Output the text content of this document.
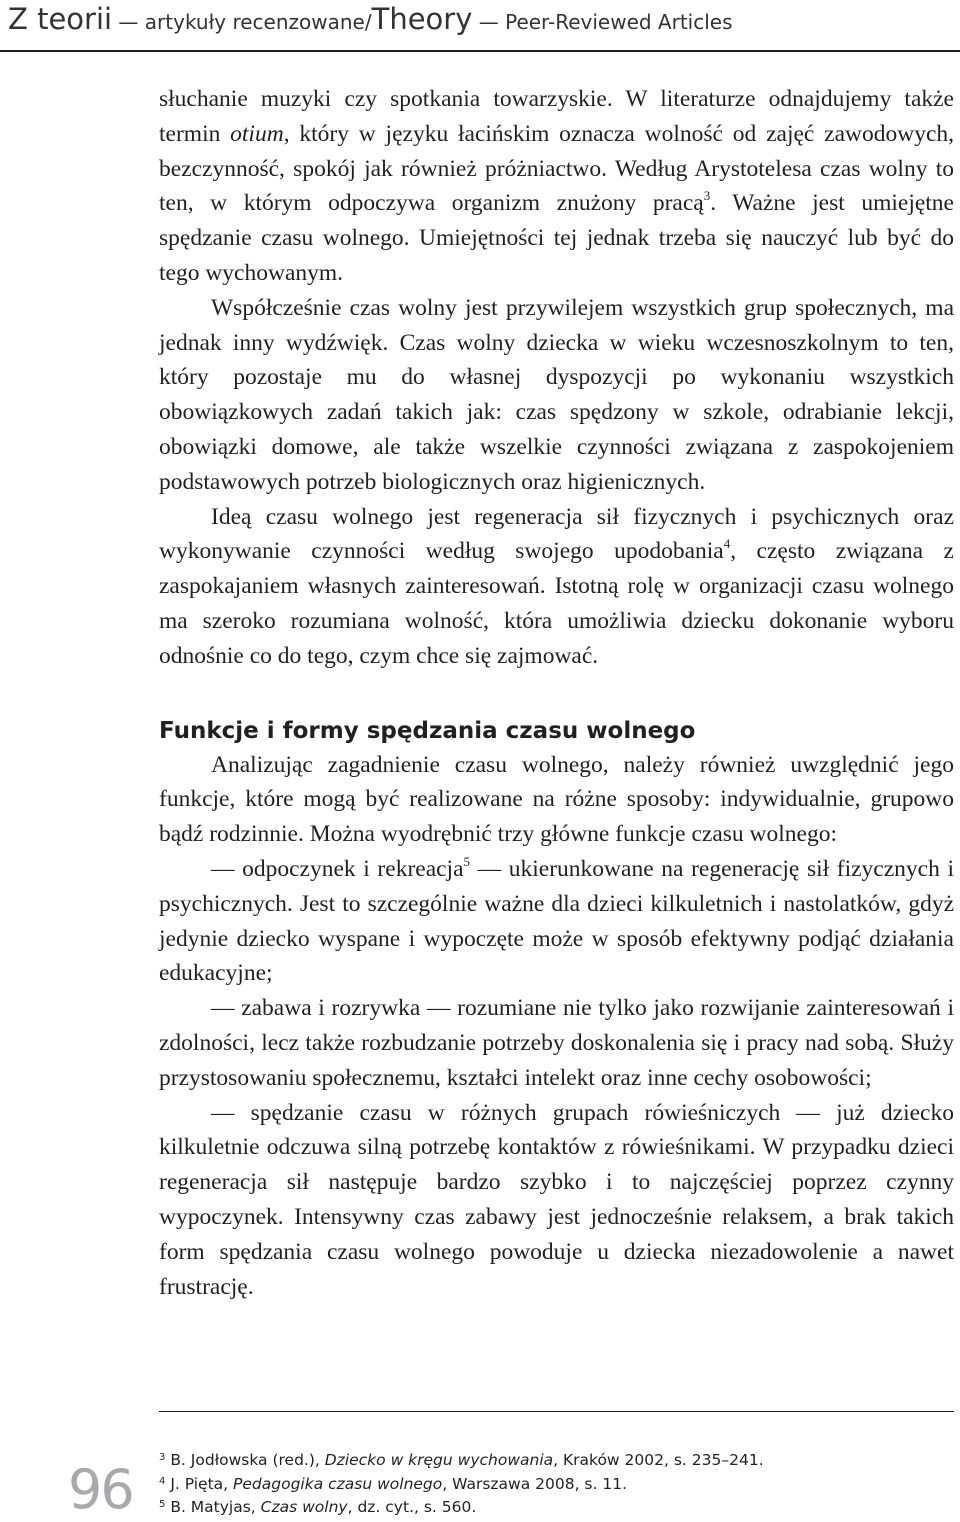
Z teorii — artykuły recenzowane/Theory — Peer-Reviewed Articles

słuchanie muzyki czy spotkania towarzyskie. W literaturze odnajdujemy także termin otium, który w języku łacińskim oznacza wolność od zajęć zawodowych, bezczynność, spokój jak również próżniactwo. Według Arystotelesa czas wolny to ten, w którym odpoczywa organizm znużony pracą$^3$. Ważne jest umiejętne spędzanie czasu wolnego. Umiejętności tej jednak trzeba się nauczyć lub być do tego wychowanym.

Współcześnie czas wolny jest przywilejem wszystkich grup społecznych, ma jednak inny wydźwięk. Czas wolny dziecka w wieku wczesnoszkolnym to ten, który pozostaje mu do własnej dyspozycji po wykonaniu wszystkich obowiązkowych zadań takich jak: czas spędzony w szkole, odrabianie lekcji, obowiązki domowe, ale także wszelkie czynności związana z zaspokojeniem podstawowych potrzeb biologicznych oraz higienicznych.

Ideą czasu wolnego jest regeneracja sił fizycznych i psychicznych oraz wykonywanie czynności według swojego upodobania$^4$, często związana z zaspokajaniem własnych zainteresowań. Istotną rolę w organizacji czasu wolnego ma szeroko rozumiana wolność, która umożliwia dziecku dokonanie wyboru odnośnie co do tego, czym chce się zajmować.

Funkcje i formy spędzania czasu wolnego

Analizując zagadnienie czasu wolnego, należy również uwzględnić jego funkcje, które mogą być realizowane na różne sposoby: indywidualnie, grupowo bądź rodzinnie. Można wyodrębnić trzy główne funkcje czasu wolnego:

— odpoczynek i rekreacja$^5$ — ukierunkowane na regenerację sił fizycznych i psychicznych. Jest to szczególnie ważne dla dzieci kilkuletnich i nastolatków, gdyż jedynie dziecko wyspane i wypoczęte może w sposób efektywny podjąć działania edukacyjne;

— zabawa i rozrywka — rozumiane nie tylko jako rozwijanie zainteresowań i zdolności, lecz także rozbudzanie potrzeby doskonalenia się i pracy nad sobą. Służy przystosowaniu społecznemu, kształci intelekt oraz inne cechy osobowości;

— spędzanie czasu w różnych grupach rówieśniczych — już dziecko kilkuletnie odczuwa silną potrzebę kontaktów z rówieśnikami. W przypadku dzieci regeneracja sił następuje bardzo szybko i to najczęściej poprzez czynny wypoczynek. Intensywny czas zabawy jest jednocześnie relaksem, a brak takich form spędzania czasu wolnego powoduje u dziecka niezadowolenie a nawet frustrację.

$^3$ B. Jodłowska (red.), Dziecko w kręgu wychowania, Kraków 2002, s. 235–241.
$^4$ J. Pięta, Pedagogika czasu wolnego, Warszawa 2008, s. 11.
$^5$ B. Matyjas, Czas wolny, dz. cyt., s. 560.
96
